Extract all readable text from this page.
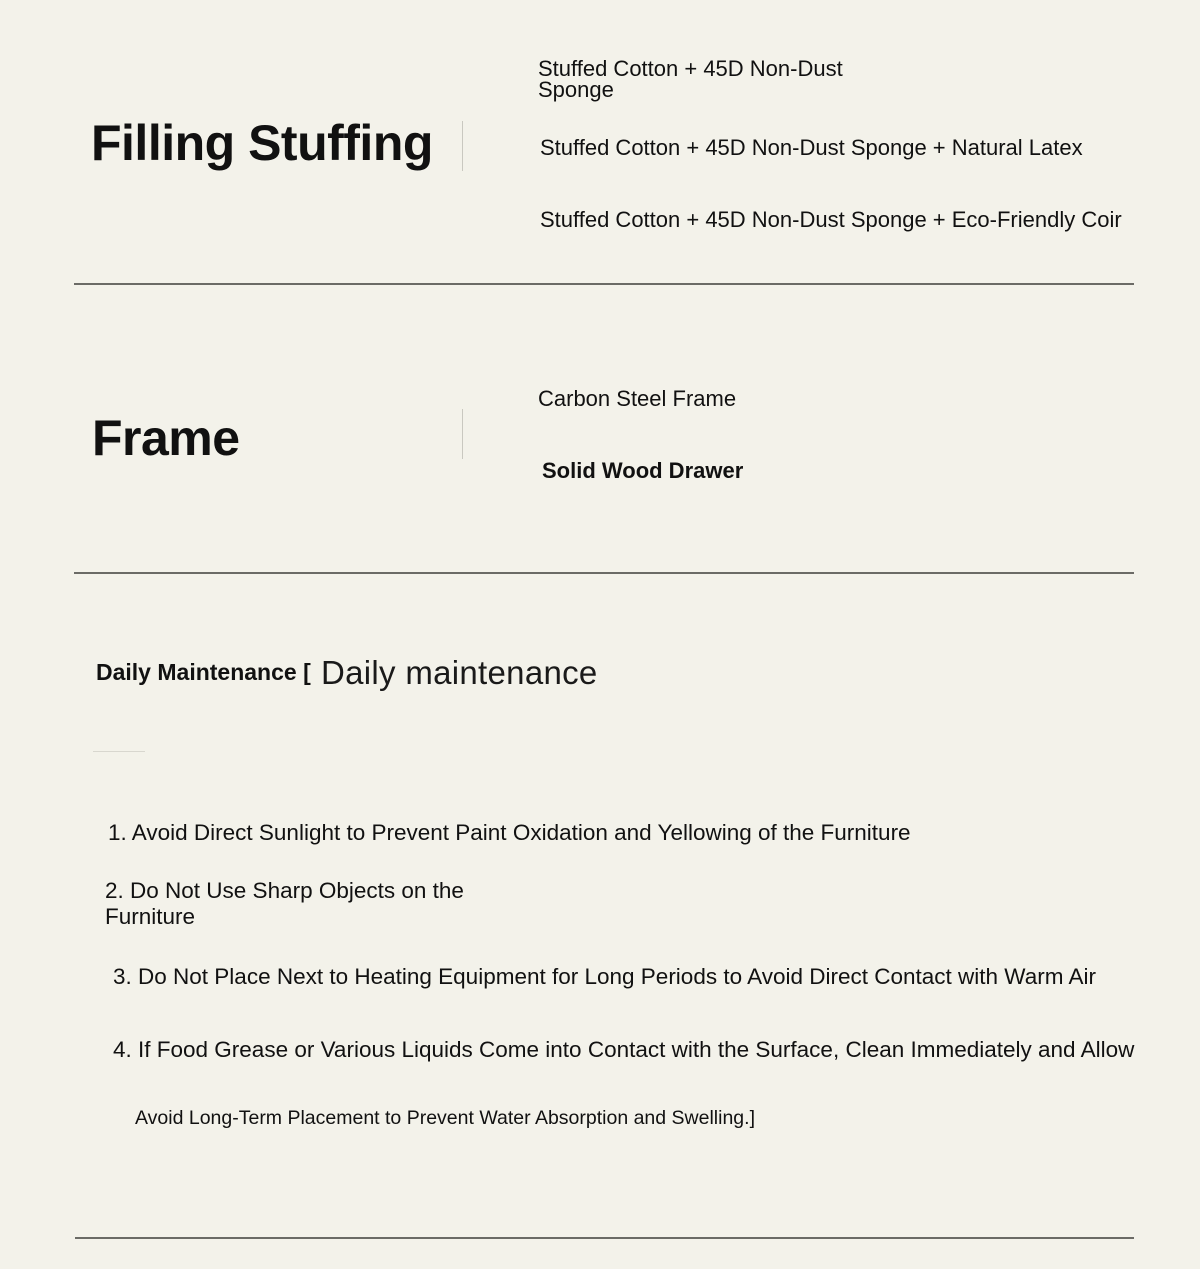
Filling Stuffing
Stuffed Cotton + 45D Non-Dust Sponge
Stuffed Cotton + 45D Non-Dust Sponge + Natural Latex
Stuffed Cotton + 45D Non-Dust Sponge + Eco-Friendly Coir
Frame
Carbon Steel Frame
Solid Wood Drawer
Daily Maintenance [ Daily maintenance
1. Avoid Direct Sunlight to Prevent Paint Oxidation and Yellowing of the Furniture
2. Do Not Use Sharp Objects on the Furniture
3. Do Not Place Next to Heating Equipment for Long Periods to Avoid Direct Contact with Warm Air
4. If Food Grease or Various Liquids Come into Contact with the Surface, Clean Immediately and Allow
Avoid Long-Term Placement to Prevent Water Absorption and Swelling.]
